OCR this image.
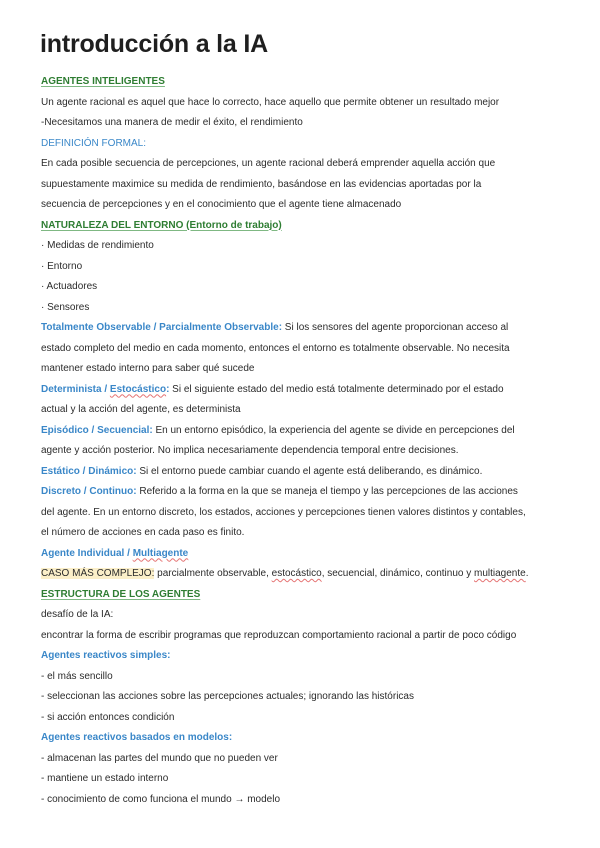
introducción a la IA
AGENTES INTELIGENTES
Un agente racional es aquel que hace lo correcto, hace aquello que permite obtener un resultado mejor
-Necesitamos una manera de medir el éxito, el rendimiento
DEFINICIÓN FORMAL:
En cada posible secuencia de percepciones, un agente racional deberá emprender aquella acción que
supuestamente maximice su medida de rendimiento, basándose en las evidencias aportadas por la
secuencia de percepciones y en el conocimiento que el agente tiene almacenado
NATURALEZA DEL ENTORNO (Entorno de trabajo)
· Medidas de rendimiento
· Entorno
· Actuadores
· Sensores
Totalmente Observable / Parcialmente Observable: Si los sensores del agente proporcionan acceso al
estado completo del medio en cada momento, entonces el entorno es totalmente observable. No necesita
mantener estado interno para saber qué sucede
Determinista / Estocástico: Si el siguiente estado del medio está totalmente determinado por el estado
actual y la acción del agente, es determinista
Episódico / Secuencial: En un entorno episódico, la experiencia del agente se divide en percepciones del
agente y acción posterior. No implica necesariamente dependencia temporal entre decisiones.
Estático / Dinámico: Si el entorno puede cambiar cuando el agente está deliberando, es dinámico.
Discreto / Continuo: Referido a la forma en la que se maneja el tiempo y las percepciones de las acciones
del agente. En un entorno discreto, los estados, acciones y percepciones tienen valores distintos y contables,
el número de acciones en cada paso es finito.
Agente Individual / Multiagente
CASO MÁS COMPLEJO: parcialmente observable, estocástico, secuencial, dinámico, continuo y multiagente.
ESTRUCTURA DE LOS AGENTES
desafío de la IA:
encontrar la forma de escribir programas que reproduzcan comportamiento racional a partir de poco código
Agentes reactivos simples:
- el más sencillo
- seleccionan las acciones sobre las percepciones actuales; ignorando las históricas
- si acción entonces condición
Agentes reactivos basados en modelos:
- almacenan las partes del mundo que no pueden ver
- mantiene un estado interno
- conocimiento de como funciona el mundo → modelo
